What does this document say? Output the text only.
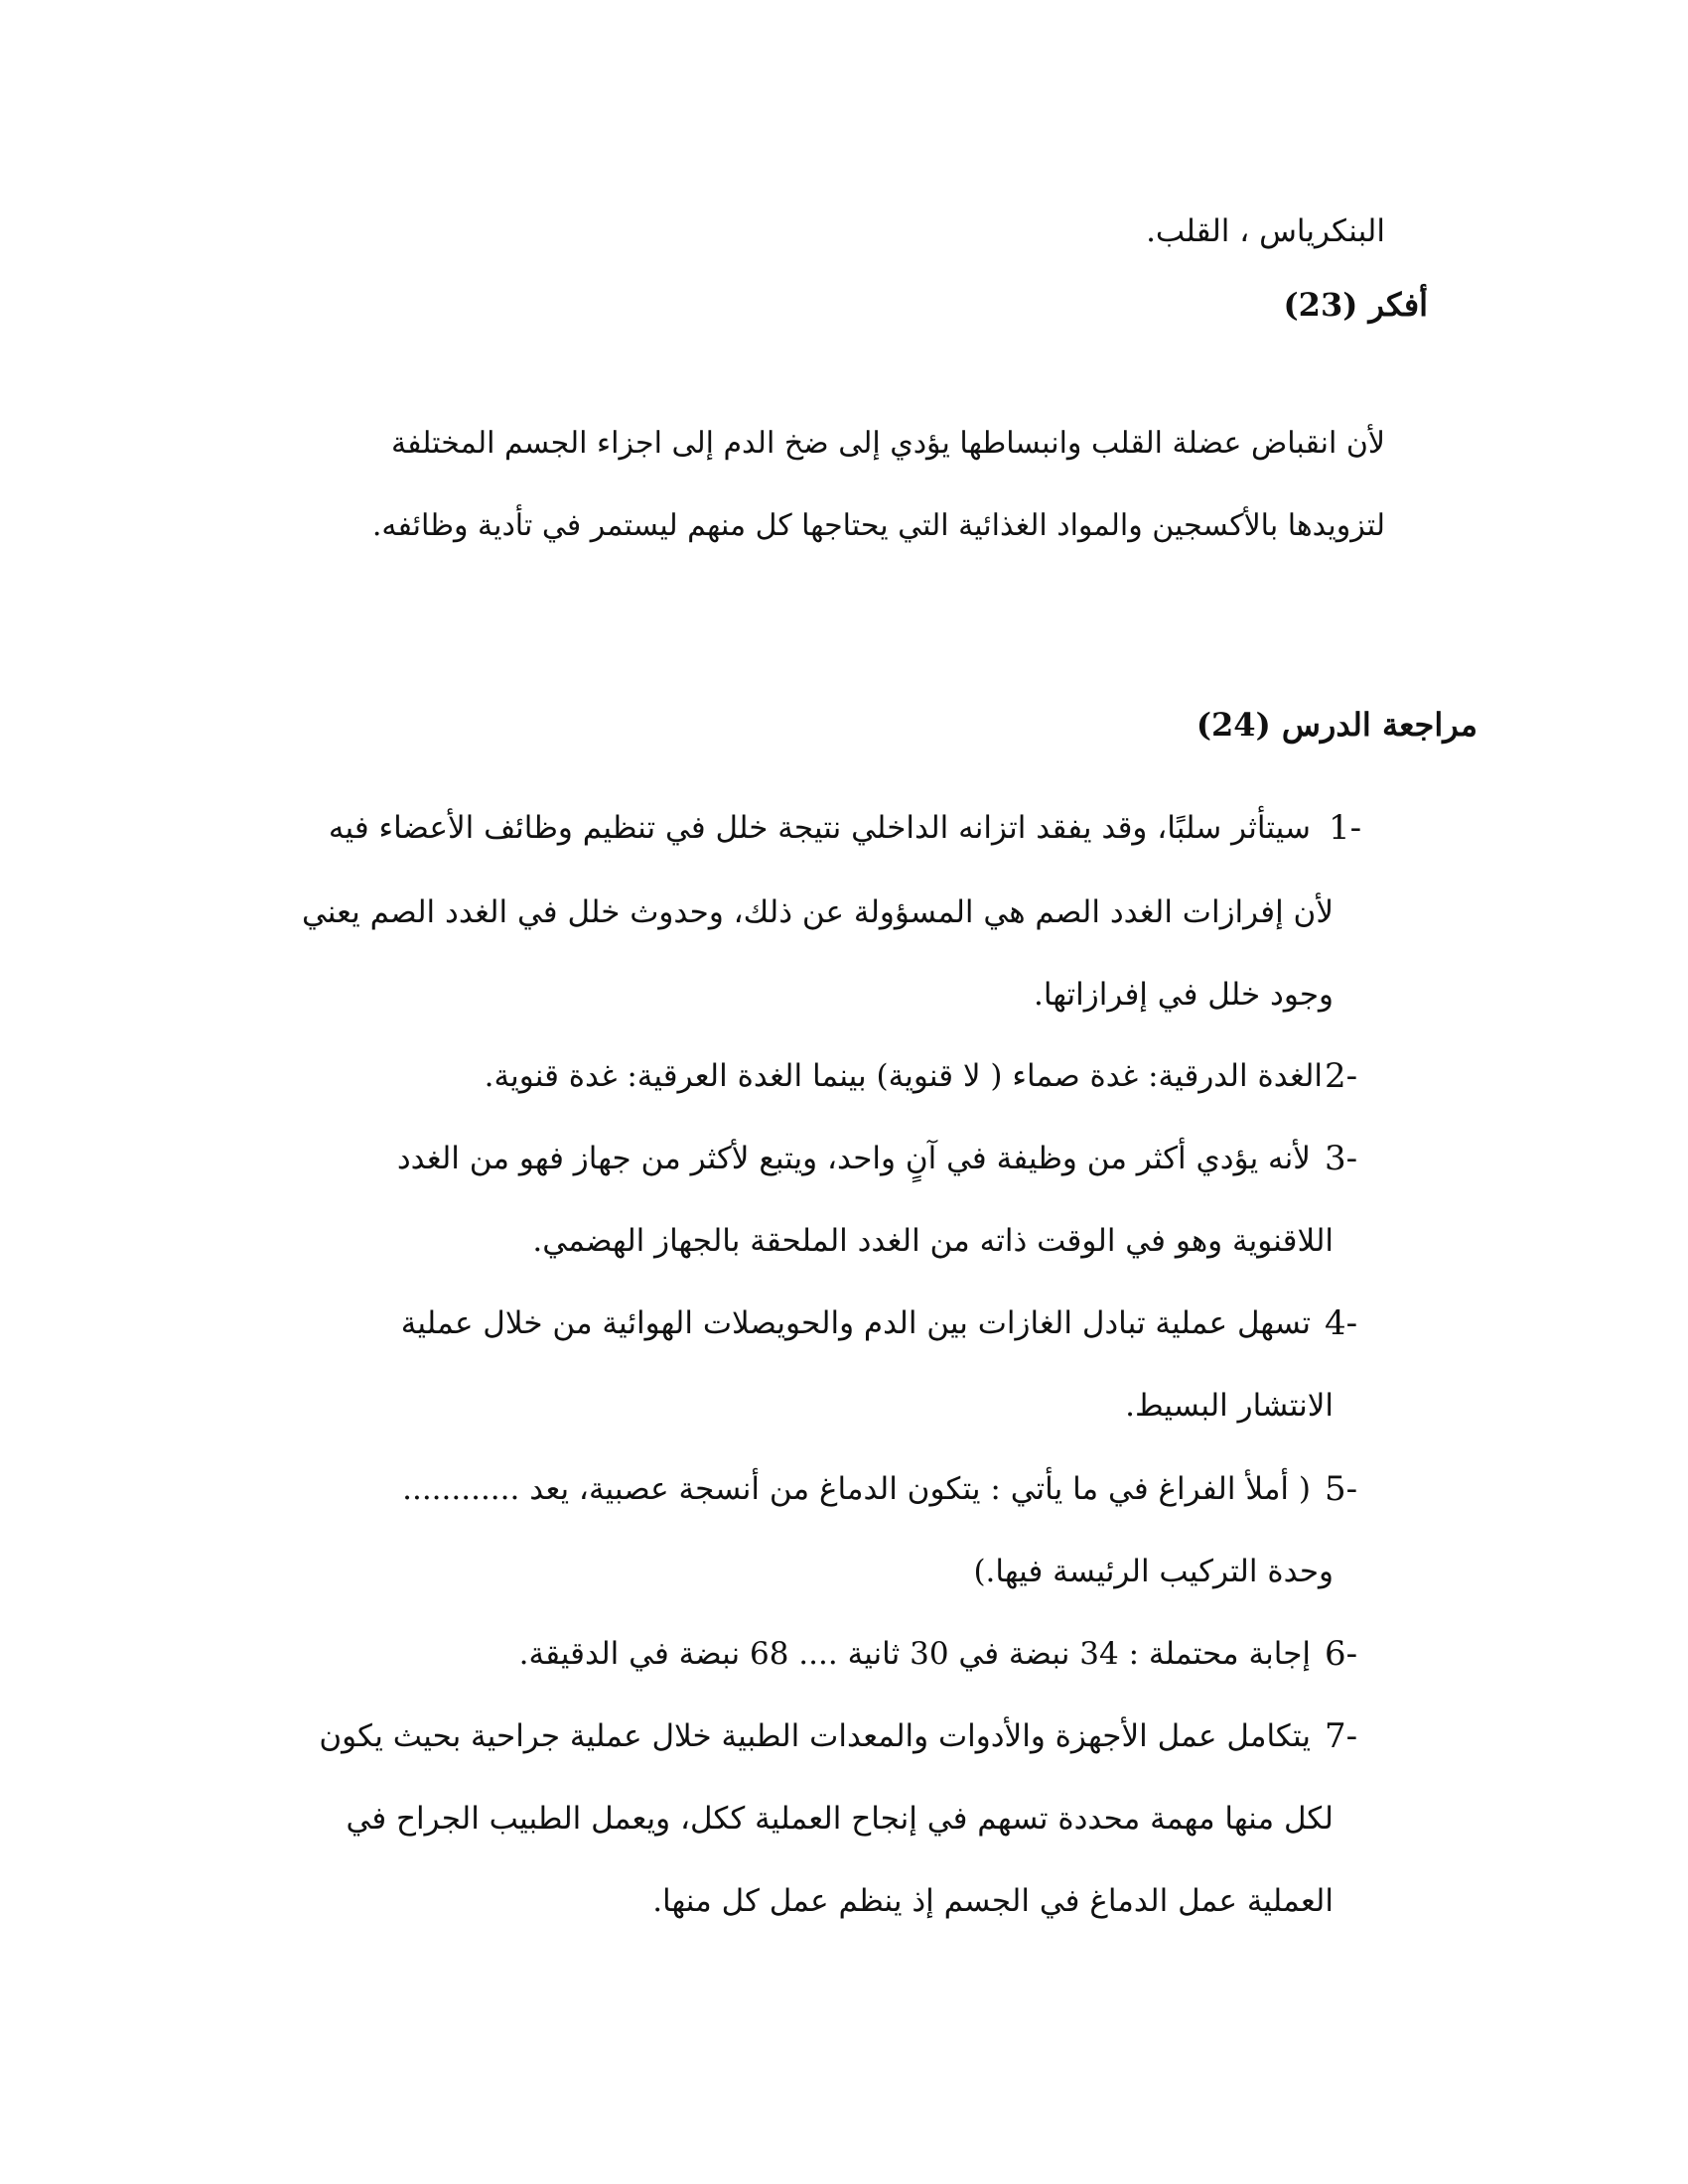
البنكرياس ، القلب.
أفكر (23)
لأن انقباض عضلة القلب وانبساطها يؤدي إلى ضخ الدم إلى اجزاء الجسم المختلفة
لتزويدها بالأكسجين والمواد الغذائية التي يحتاجها كل منهم ليستمر في تأدية وظائفه.
مراجعة الدرس (24)
1-
سيتأثر سلبًا، وقد يفقد اتزانه الداخلي نتيجة خلل في تنظيم وظائف الأعضاء فيه
لأن إفرازات الغدد الصم هي المسؤولة عن ذلك، وحدوث خلل في الغدد الصم يعني
وجود خلل في إفرازاتها.
2-
الغدة الدرقية: غدة صماء ( لا قنوية) بينما الغدة العرقية: غدة قنوية.
3-
لأنه يؤدي أكثر من وظيفة في آنٍ واحد، ويتبع لأكثر من جهاز فهو من الغدد
اللاقنوية وهو في الوقت ذاته من الغدد الملحقة بالجهاز الهضمي.
4-
تسهل عملية تبادل الغازات بين الدم والحويصلات الهوائية من خلال عملية
الانتشار البسيط.
5-
( أملأ الفراغ في ما يأتي : يتكون الدماغ من أنسجة عصبية، يعد ............
وحدة التركيب الرئيسة فيها.)
6-
إجابة محتملة : 34 نبضة في 30 ثانية .... 68 نبضة في الدقيقة.
7-
يتكامل عمل الأجهزة والأدوات والمعدات الطبية خلال عملية جراحية بحيث يكون
لكل منها مهمة محددة تسهم في إنجاح العملية ككل، ويعمل الطبيب الجراح في
العملية عمل الدماغ في الجسم إذ ينظم عمل كل منها.
